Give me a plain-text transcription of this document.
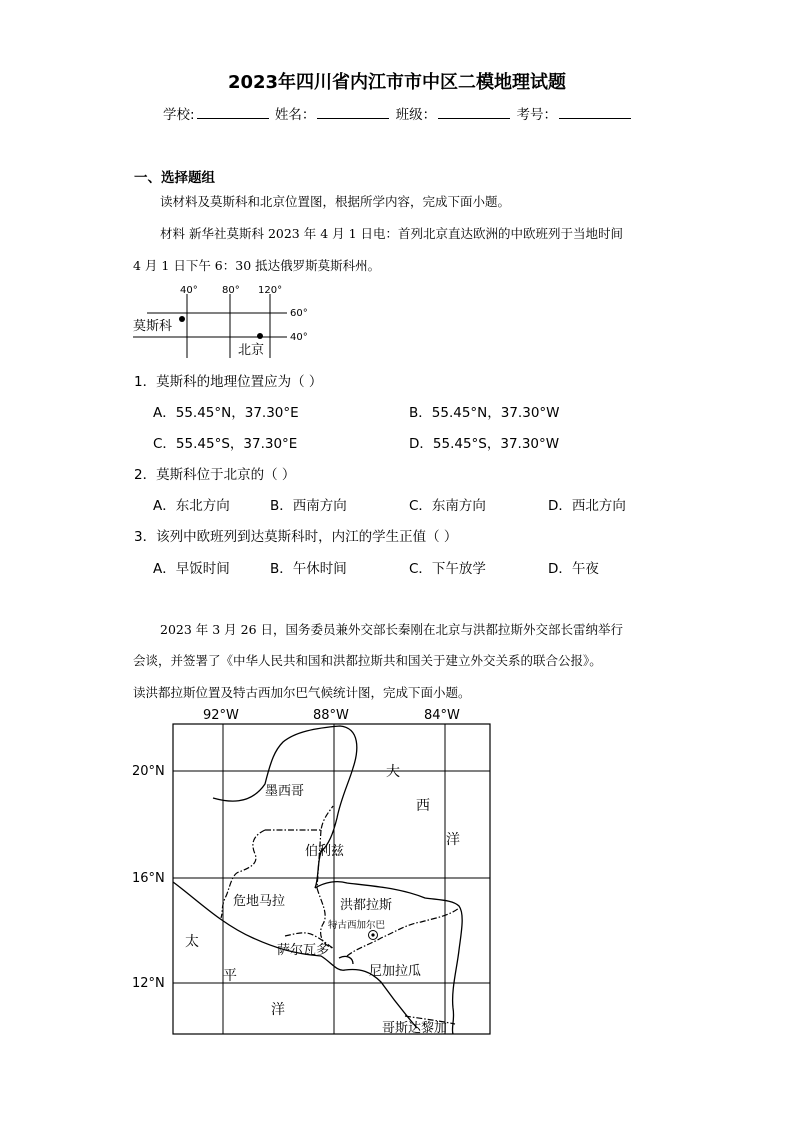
2023年四川省内江市市中区二模地理试题
学校:	姓名：	班级：	考号：
一、选择题组
读材料及莫斯科和北京位置图，根据所学内容，完成下面小题。
材料 新华社莫斯科 2023 年 4 月 1 日电：首列北京直达欧洲的中欧班列于当地时间
4 月 1 日下午 6：30 抵达俄罗斯莫斯科州。
40° 80° 120°
60°
40°
莫斯科
北京
1．莫斯科的地理位置应为（ ）
A．55.45°N，37.30°E	B．55.45°N，37.30°W
C．55.45°S，37.30°E	D．55.45°S，37.30°W
2．莫斯科位于北京的（ ）
A．东北方向	B．西南方向	C．东南方向	D．西北方向
3．该列中欧班列到达莫斯科时，内江的学生正值（ ）
A．早饭时间	B．午休时间	C．下午放学	D．午夜
2023 年 3 月 26 日，国务委员兼外交部长秦刚在北京与洪都拉斯外交部长雷纳举行
会谈，并签署了《中华人民共和国和洪都拉斯共和国关于建立外交关系的联合公报》。
读洪都拉斯位置及特古西加尔巴气候统计图，完成下面小题。
92°W	88°W	84°W
20°N
16°N
12°N
墨西哥
伯利兹
危地马拉	洪都拉斯
特古西加尔巴
萨尔瓦多
尼加拉瓜
哥斯达黎加
大
西
洋
太
平
洋
